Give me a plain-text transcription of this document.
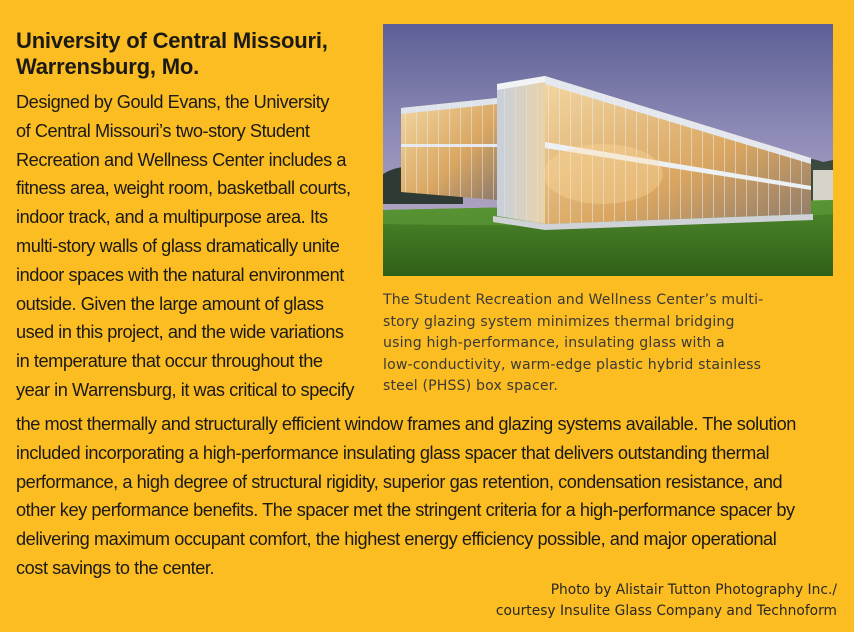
University of Central Missouri,
Warrensburg, Mo.
Designed by Gould Evans, the University
of Central Missouri’s two-story Student
Recreation and Wellness Center includes a
fitness area, weight room, basketball courts,
indoor track, and a multipurpose area. Its
multi-story walls of glass dramatically unite
indoor spaces with the natural environment
outside. Given the large amount of glass
used in this project, and the wide variations
in temperature that occur throughout the
year in Warrensburg, it was critical to specify
the most thermally and structurally efficient window frames and glazing systems available. The solution
included incorporating a high-performance insulating glass spacer that delivers outstanding thermal
performance, a high degree of structural rigidity, superior gas retention, condensation resistance, and
other key performance benefits. The spacer met the stringent criteria for a high-performance spacer by
delivering maximum occupant comfort, the highest energy efficiency possible, and major operational
cost savings to the center.
The Student Recreation and Wellness Center’s multi-
story glazing system minimizes thermal bridging
using high-performance, insulating glass with a
low-conductivity, warm-edge plastic hybrid stainless
steel (PHSS) box spacer.
Photo by Alistair Tutton Photography Inc./
courtesy Insulite Glass Company and Technoform
